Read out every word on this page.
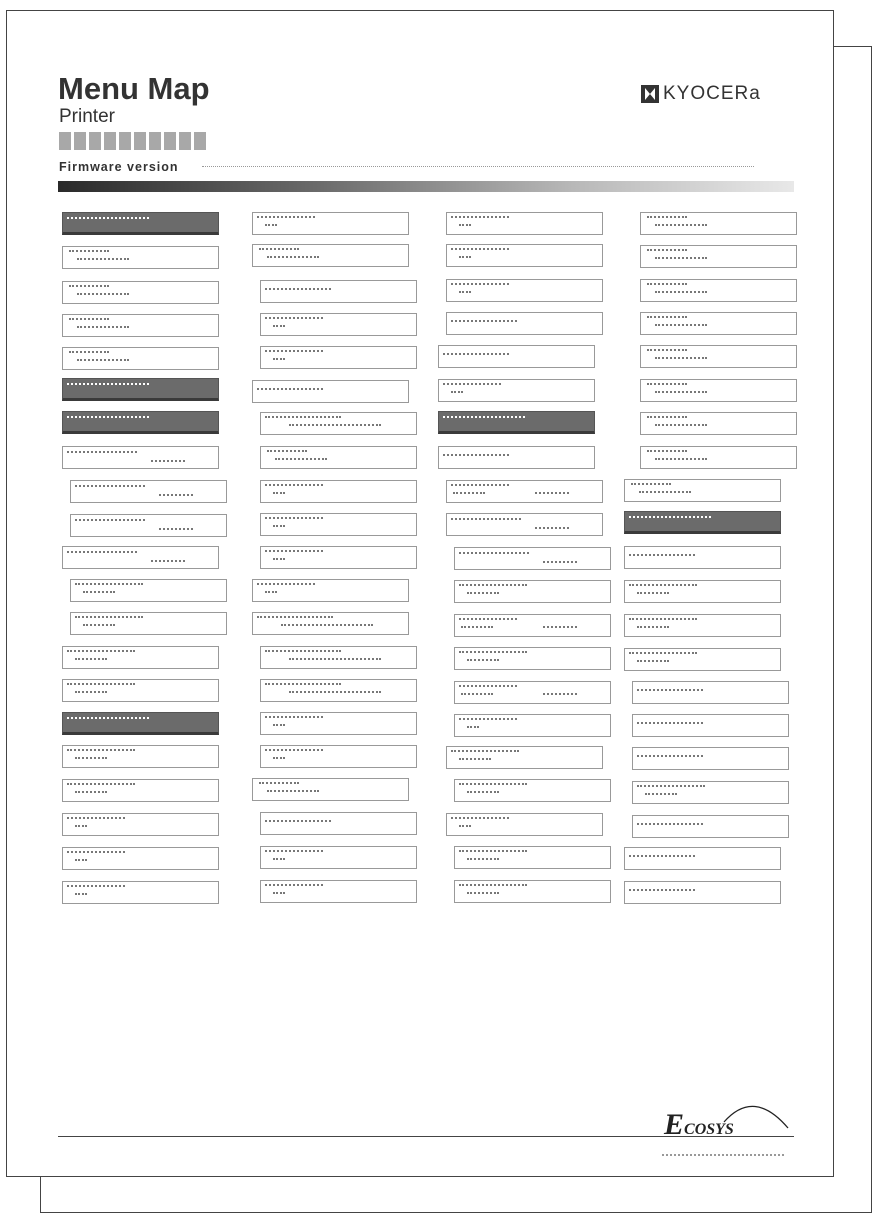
Menu Map
Printer
Firmware version
KYOCERa
ECOSYS
